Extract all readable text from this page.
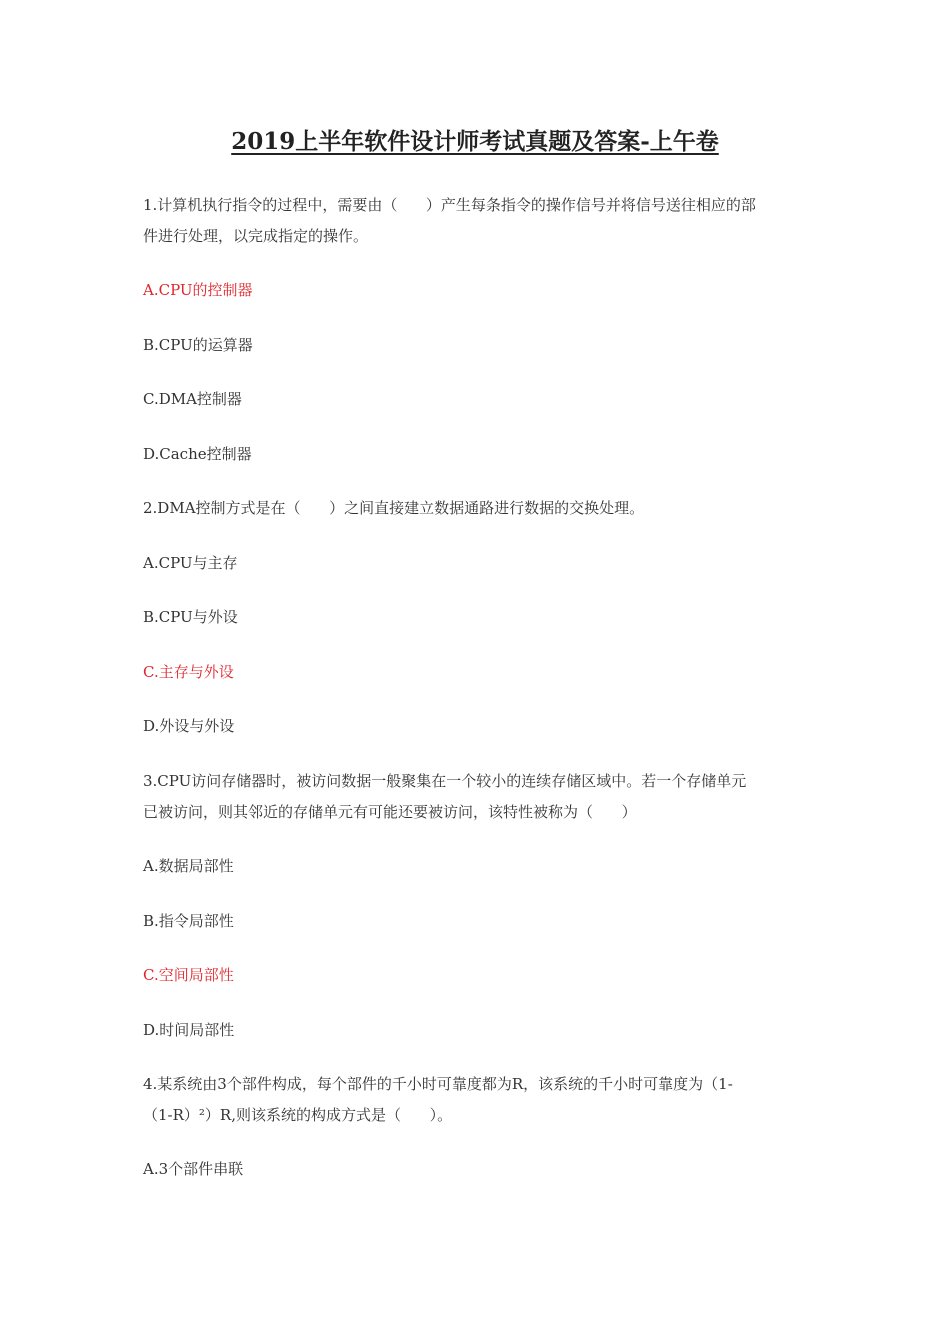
2019上半年软件设计师考试真题及答案-上午卷

1.计算机执行指令的过程中，需要由（      ）产生每条指令的操作信号并将信号送往相应的部

件进行处理，以完成指定的操作。

A.CPU的控制器

B.CPU的运算器

C.DMA控制器

D.Cache控制器

2.DMA控制方式是在（      ）之间直接建立数据通路进行数据的交换处理。

A.CPU与主存

B.CPU与外设

C.主存与外设

D.外设与外设

3.CPU访问存储器时，被访问数据一般聚集在一个较小的连续存储区域中。若一个存储单元

已被访问，则其邻近的存储单元有可能还要被访问，该特性被称为（      ）

A.数据局部性

B.指令局部性

C.空间局部性

D.时间局部性

4.某系统由3个部件构成，每个部件的千小时可靠度都为R，该系统的千小时可靠度为（1-

（1-R）²）R,则该系统的构成方式是（      ）。

A.3个部件串联
